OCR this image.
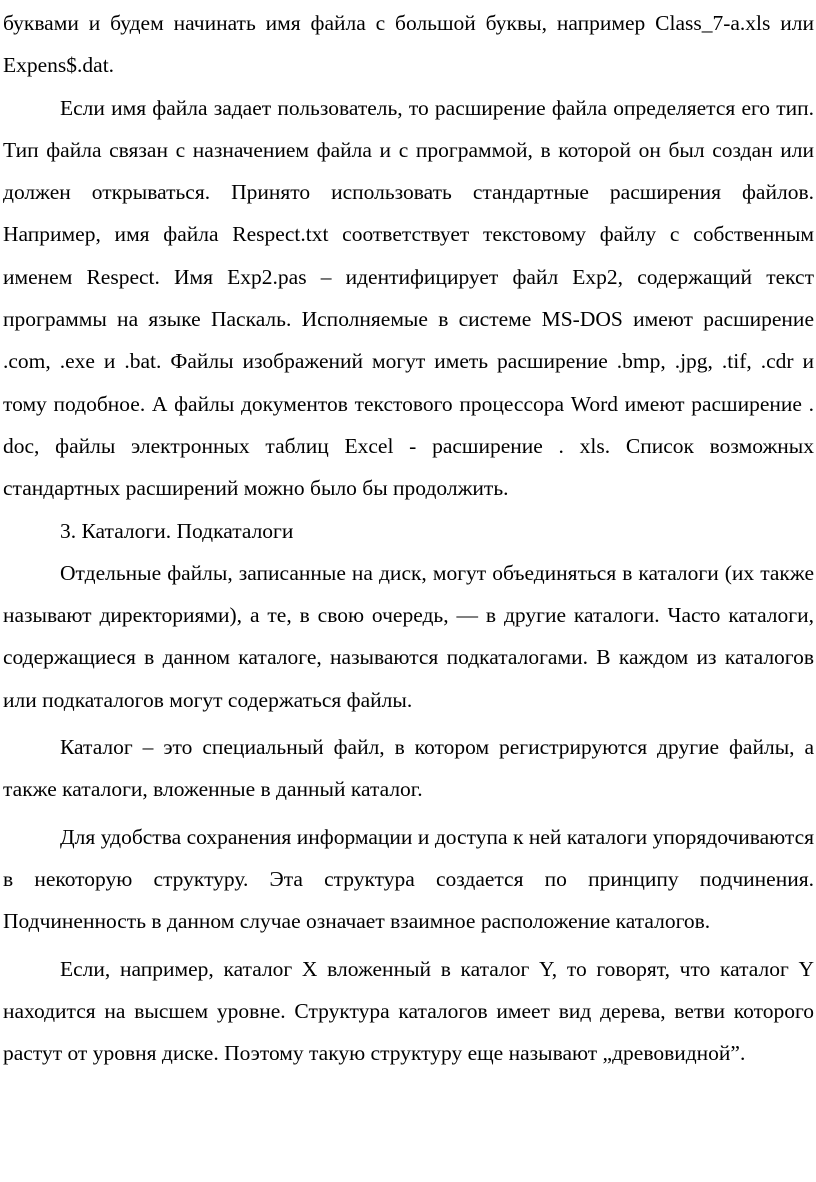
буквами и будем начинать имя файла с большой буквы, например Class_7-a.xls или Expens$.dat.

Если имя файла задает пользователь, то расширение файла определяется его тип. Тип файла связан с назначением файла и с программой, в которой он был создан или должен открываться. Принято использовать стандартные расширения файлов. Например, имя файла Respect.txt соответствует текстовому файлу с собственным именем Respect. Имя Exp2.pas – идентифицирует файл Exp2, содержащий текст программы на языке Паскаль. Исполняемые в системе MS-DOS имеют расширение .com, .exe и .bat. Файлы изображений могут иметь расширение .bmp, .jpg, .tif, .cdr и тому подобное. А файлы документов текстового процессора Word имеют расширение . doc, файлы электронных таблиц Excel - расширение . xls. Список возможных стандартных расширений можно было бы продолжить.

3. Каталоги. Подкаталоги

Отдельные файлы, записанные на диск, могут объединяться в каталоги (их также называют директориями), а те, в свою очередь, — в другие каталоги. Часто каталоги, содержащиеся в данном каталоге, называются подкаталогами. В каждом из каталогов или подкаталогов могут содержаться файлы.

Каталог – это специальный файл, в котором регистрируются другие файлы, а также каталоги, вложенные в данный каталог.

Для удобства сохранения информации и доступа к ней каталоги упорядочиваются в некоторую структуру. Эта структура создается по принципу подчинения. Подчиненность в данном случае означает взаимное расположение каталогов.

Если, например, каталог X вложенный в каталог Y, то говорят, что каталог Y находится на высшем уровне. Структура каталогов имеет вид дерева, ветви которого растут от уровня диске. Поэтому такую структуру еще называют „древовидной”.
